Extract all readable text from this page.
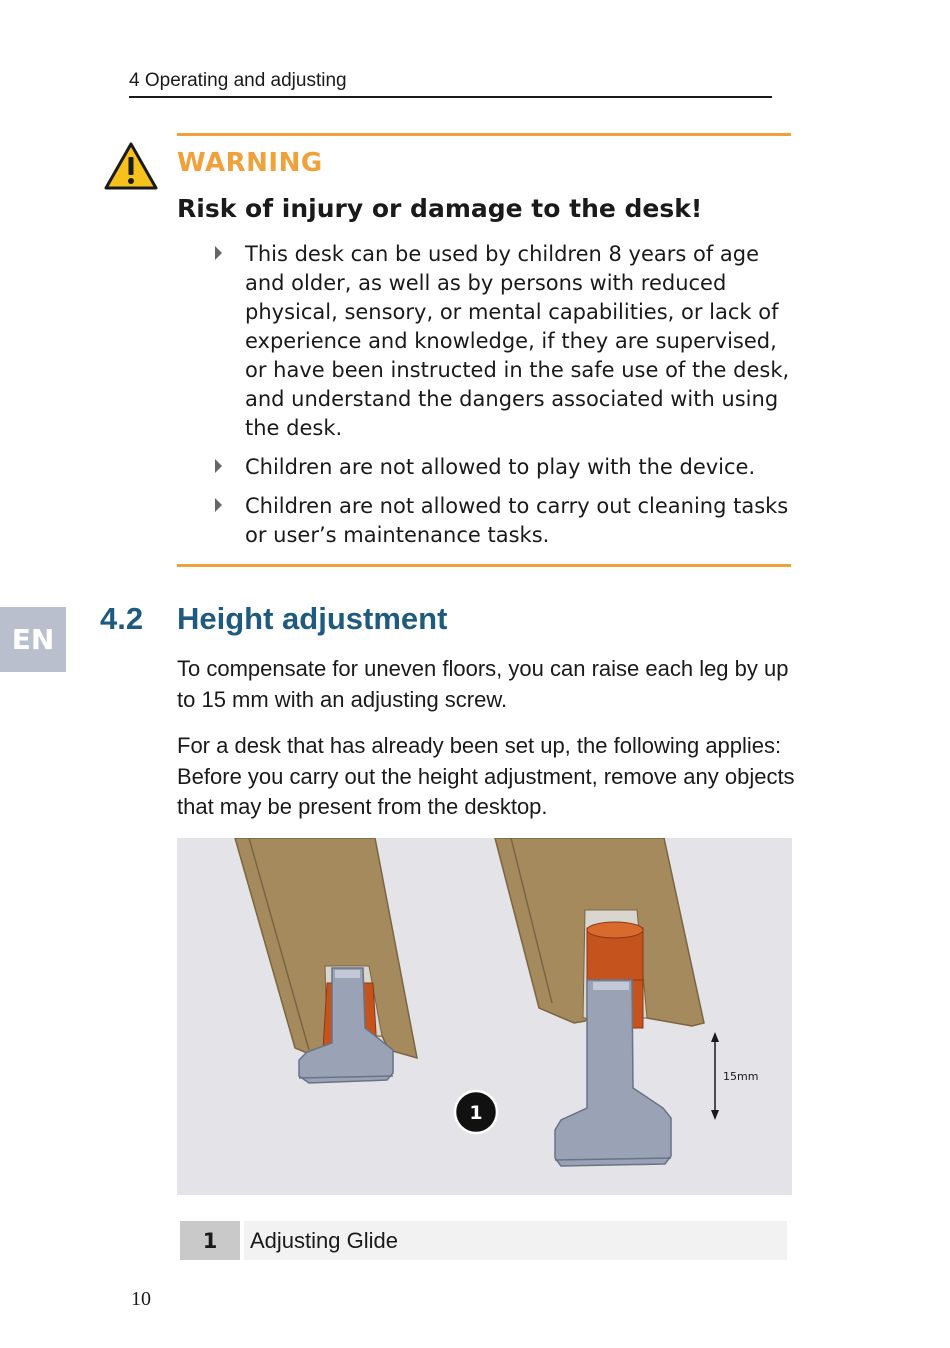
4 Operating and adjusting
WARNING
Risk of injury or damage to the desk!
This desk can be used by children 8 years of age and older, as well as by persons with reduced physical, sensory, or mental capabilities, or lack of experience and knowledge, if they are supervised, or have been instructed in the safe use of the desk, and understand the dangers associated with using the desk.
Children are not allowed to play with the device.
Children are not allowed to carry out cleaning tasks or user’s maintenance tasks.
EN
4.2 Height adjustment

To compensate for uneven floors, you can raise each leg by up to 15 mm with an adjusting screw.

For a desk that has already been set up, the following applies: Before you carry out the height adjustment, remove any objects that may be present from the desktop.

15mm
1
1	Adjusting Glide
10
